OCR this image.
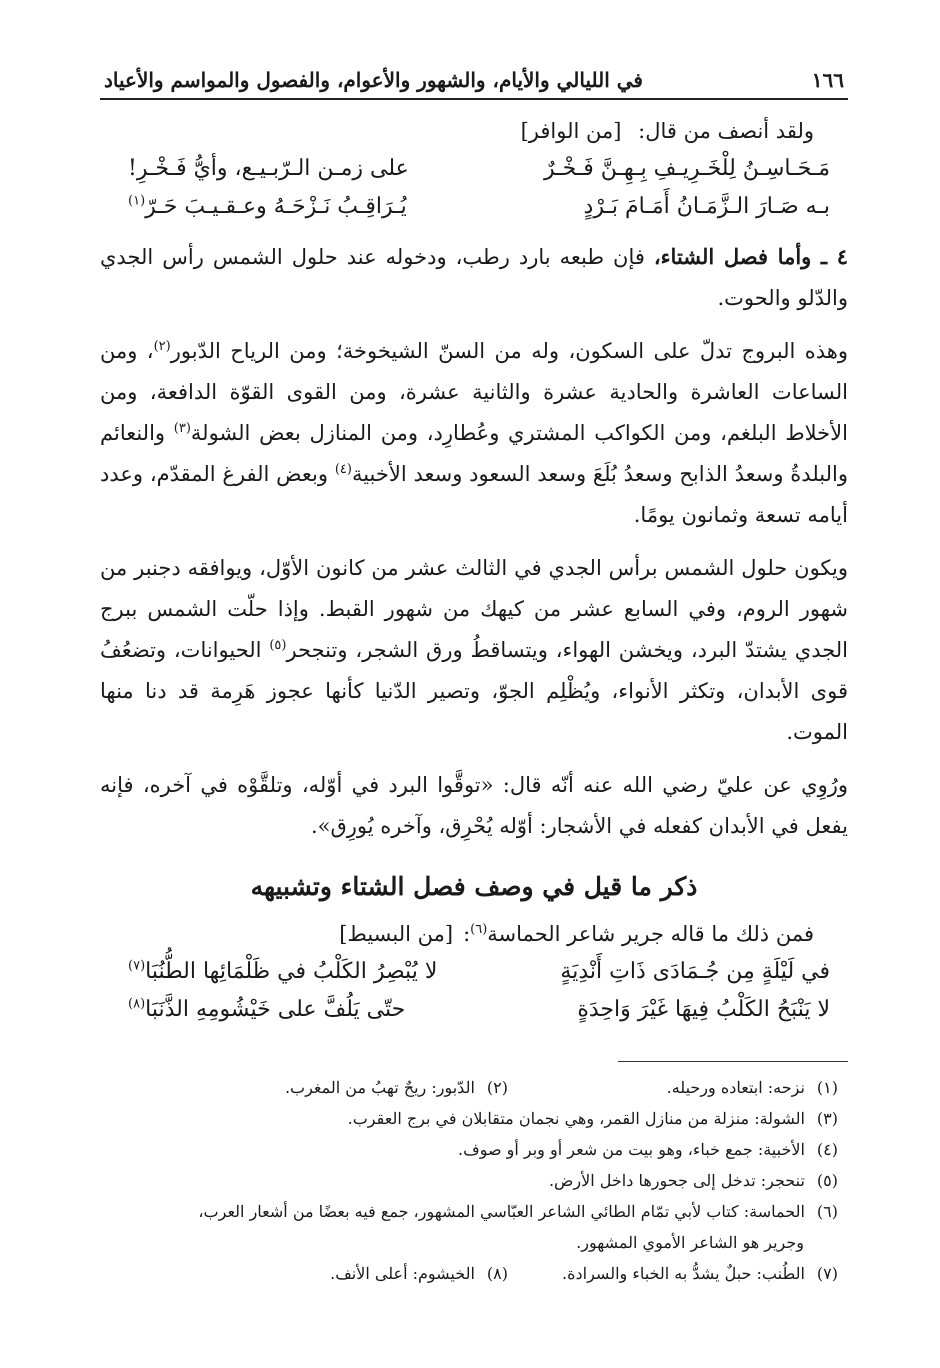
١٦٦
في الليالي والأيام، والشهور والأعوام، والفصول والمواسم والأعياد

ولقد أنصف من قال: [من الوافر]

مَـحَـاسِـنُ لِلْخَـرِيـفِ بِـهِـنَّ فَـخْـرٌ
على زمـن الـرّبـيـع، وأيُّ فَـخْـرِ!
بـه صَـارَ الـزَّمَـانُ أَمَـامَ بَـرْدٍ
يُـرَاقِـبُ نَـزْحَـهُ وعـقـيـبَ حَـرّ$^{(١)}$

٤ ـ وأما فصل الشتاء، فإن طبعه بارد رطب، ودخوله عند حلول الشمس رأس الجدي والدّلو والحوت.

وهذه البروج تدلّ على السكون، وله من السنّ الشيخوخة؛ ومن الرياح الدّبور$^{(٢)}$، ومن الساعات العاشرة والحادية عشرة والثانية عشرة، ومن القوى القوّة الدافعة، ومن الأخلاط البلغم، ومن الكواكب المشتري وعُطارِد، ومن المنازل بعض الشولة$^{(٣)}$ والنعائم والبلدةُ وسعدُ الذابح وسعدُ بُلَعَ وسعد السعود وسعد الأخبية$^{(٤)}$ وبعض الفرغ المقدّم، وعدد أيامه تسعة وثمانون يومًا.

ويكون حلول الشمس برأس الجدي في الثالث عشر من كانون الأوّل، ويوافقه دجنبر من شهور الروم، وفي السابع عشر من كيهك من شهور القبط. وإذا حلّت الشمس ببرج الجدي يشتدّ البرد، ويخشن الهواء، ويتساقطُ ورق الشجر، وتنجحر$^{(٥)}$ الحيوانات، وتضعُفُ قوى الأبدان، وتكثر الأنواء، ويُظْلِم الجوّ، وتصير الدّنيا كأنها عجوز هَرِمة قد دنا منها الموت.

ورُوِي عن عليّ رضي الله عنه أنّه قال: «توقَّوا البرد في أوّله، وتلقَّوْه في آخره، فإنه يفعل في الأبدان كفعله في الأشجار: أوّله يُحْرِق، وآخره يُورِق».

ذكر ما قيل في وصف فصل الشتاء وتشبيهه

فمن ذلك ما قاله جرير شاعر الحماسة$^{(٦)}$:[من البسيط]

في لَيْلَةٍ مِن جُـمَادَى ذَاتِ أَنْدِيَةٍ
لا يُبْصِرُ الكَلْبُ في ظَلْمَائِها الطُّنُبَا$^{(٧)}$
لا يَنْبَحُ الكَلْبُ فِيهَا غَيْرَ وَاحِدَةٍ
حتّى يَلُفَّ على خَيْشُومِهِ الذَّنَبَا$^{(٨)}$
(١)نزحه: ابتعاده ورحيله.
(٢)الدّبور: ريحٌ تهبُ من المغرب.
(٣)الشولة: منزلة من منازل القمر، وهي نجمان متقابلان في برج العقرب.
(٤)الأخبية: جمع خباء، وهو بيت من شعر أو وبر أو صوف.
(٥)تنحجر: تدخل إلى جحورها داخل الأرض.
(٦)الحماسة: كتاب لأبي تمّام الطائي الشاعر العبّاسي المشهور، جمع فيه بعضًا من أشعار العرب،
وجرير هو الشاعر الأموي المشهور.
(٧)الطُنب: حبلٌ يشدُّ به الخباء والسرادة.
(٨)الخيشوم: أعلى الأنف.
